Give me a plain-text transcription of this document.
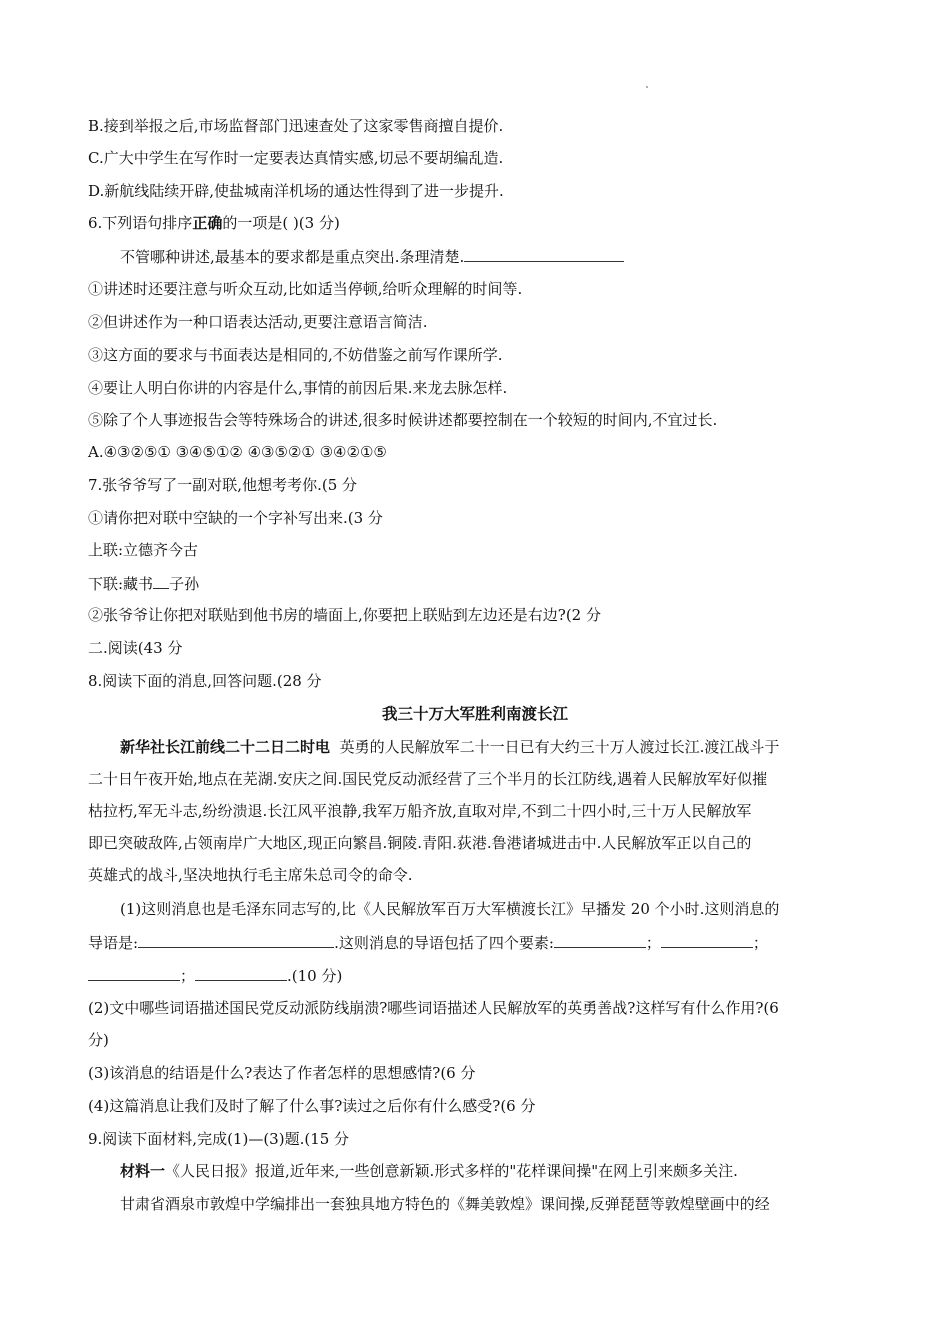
B.接到举报之后,市场监督部门迅速查处了这家零售商擅自提价.
C.广大中学生在写作时一定要表达真情实感,切忌不要胡编乱造.
D.新航线陆续开辟,使盐城南洋机场的通达性得到了进一步提升.
6.下列语句排序正确的一项是( )(3 分)
不管哪种讲述,最基本的要求都是重点突出.条理清楚.
①讲述时还要注意与听众互动,比如适当停顿,给听众理解的时间等.
②但讲述作为一种口语表达活动,更要注意语言简洁.
③这方面的要求与书面表达是相同的,不妨借鉴之前写作课所学.
④要让人明白你讲的内容是什么,事情的前因后果.来龙去脉怎样.
⑤除了个人事迹报告会等特殊场合的讲述,很多时候讲述都要控制在一个较短的时间内,不宜过长.
A.④③②⑤① ③④⑤①② ④③⑤②① ③④②①⑤
7.张爷爷写了一副对联,他想考考你.(5 分
①请你把对联中空缺的一个字补写出来.(3 分
上联:立德齐今古
下联:藏书 子孙
②张爷爷让你把对联贴到他书房的墙面上,你要把上联贴到左边还是右边?(2 分
二.阅读(43 分
8.阅读下面的消息,回答问题.(28 分
我三十万大军胜利南渡长江
新华社长江前线二十二日二时电 英勇的人民解放军二十一日已有大约三十万人渡过长江.渡江战斗于
二十日午夜开始,地点在芜湖.安庆之间.国民党反动派经营了三个半月的长江防线,遇着人民解放军好似摧
枯拉朽,军无斗志,纷纷溃退.长江风平浪静,我军万船齐放,直取对岸,不到二十四小时,三十万人民解放军
即已突破敌阵,占领南岸广大地区,现正向繁昌.铜陵.青阳.荻港.鲁港诸城进击中.人民解放军正以自己的
英雄式的战斗,坚决地执行毛主席朱总司令的命令.
(1)这则消息也是毛泽东同志写的,比《人民解放军百万大军横渡长江》早播发 20 个小时.这则消息的
导语是:	.这则消息的导语包括了四个要素:	；	；
；	.(10 分)
(2)文中哪些词语描述国民党反动派防线崩溃?哪些词语描述人民解放军的英勇善战?这样写有什么作用?(6
分)
(3)该消息的结语是什么?表达了作者怎样的思想感情?(6 分
(4)这篇消息让我们及时了解了什么事?读过之后你有什么感受?(6 分
9.阅读下面材料,完成(1)—(3)题.(15 分
材料一《人民日报》报道,近年来,一些创意新颖.形式多样的"花样课间操"在网上引来颇多关注.
甘肃省酒泉市敦煌中学编排出一套独具地方特色的《舞美敦煌》课间操,反弹琵琶等敦煌壁画中的经
